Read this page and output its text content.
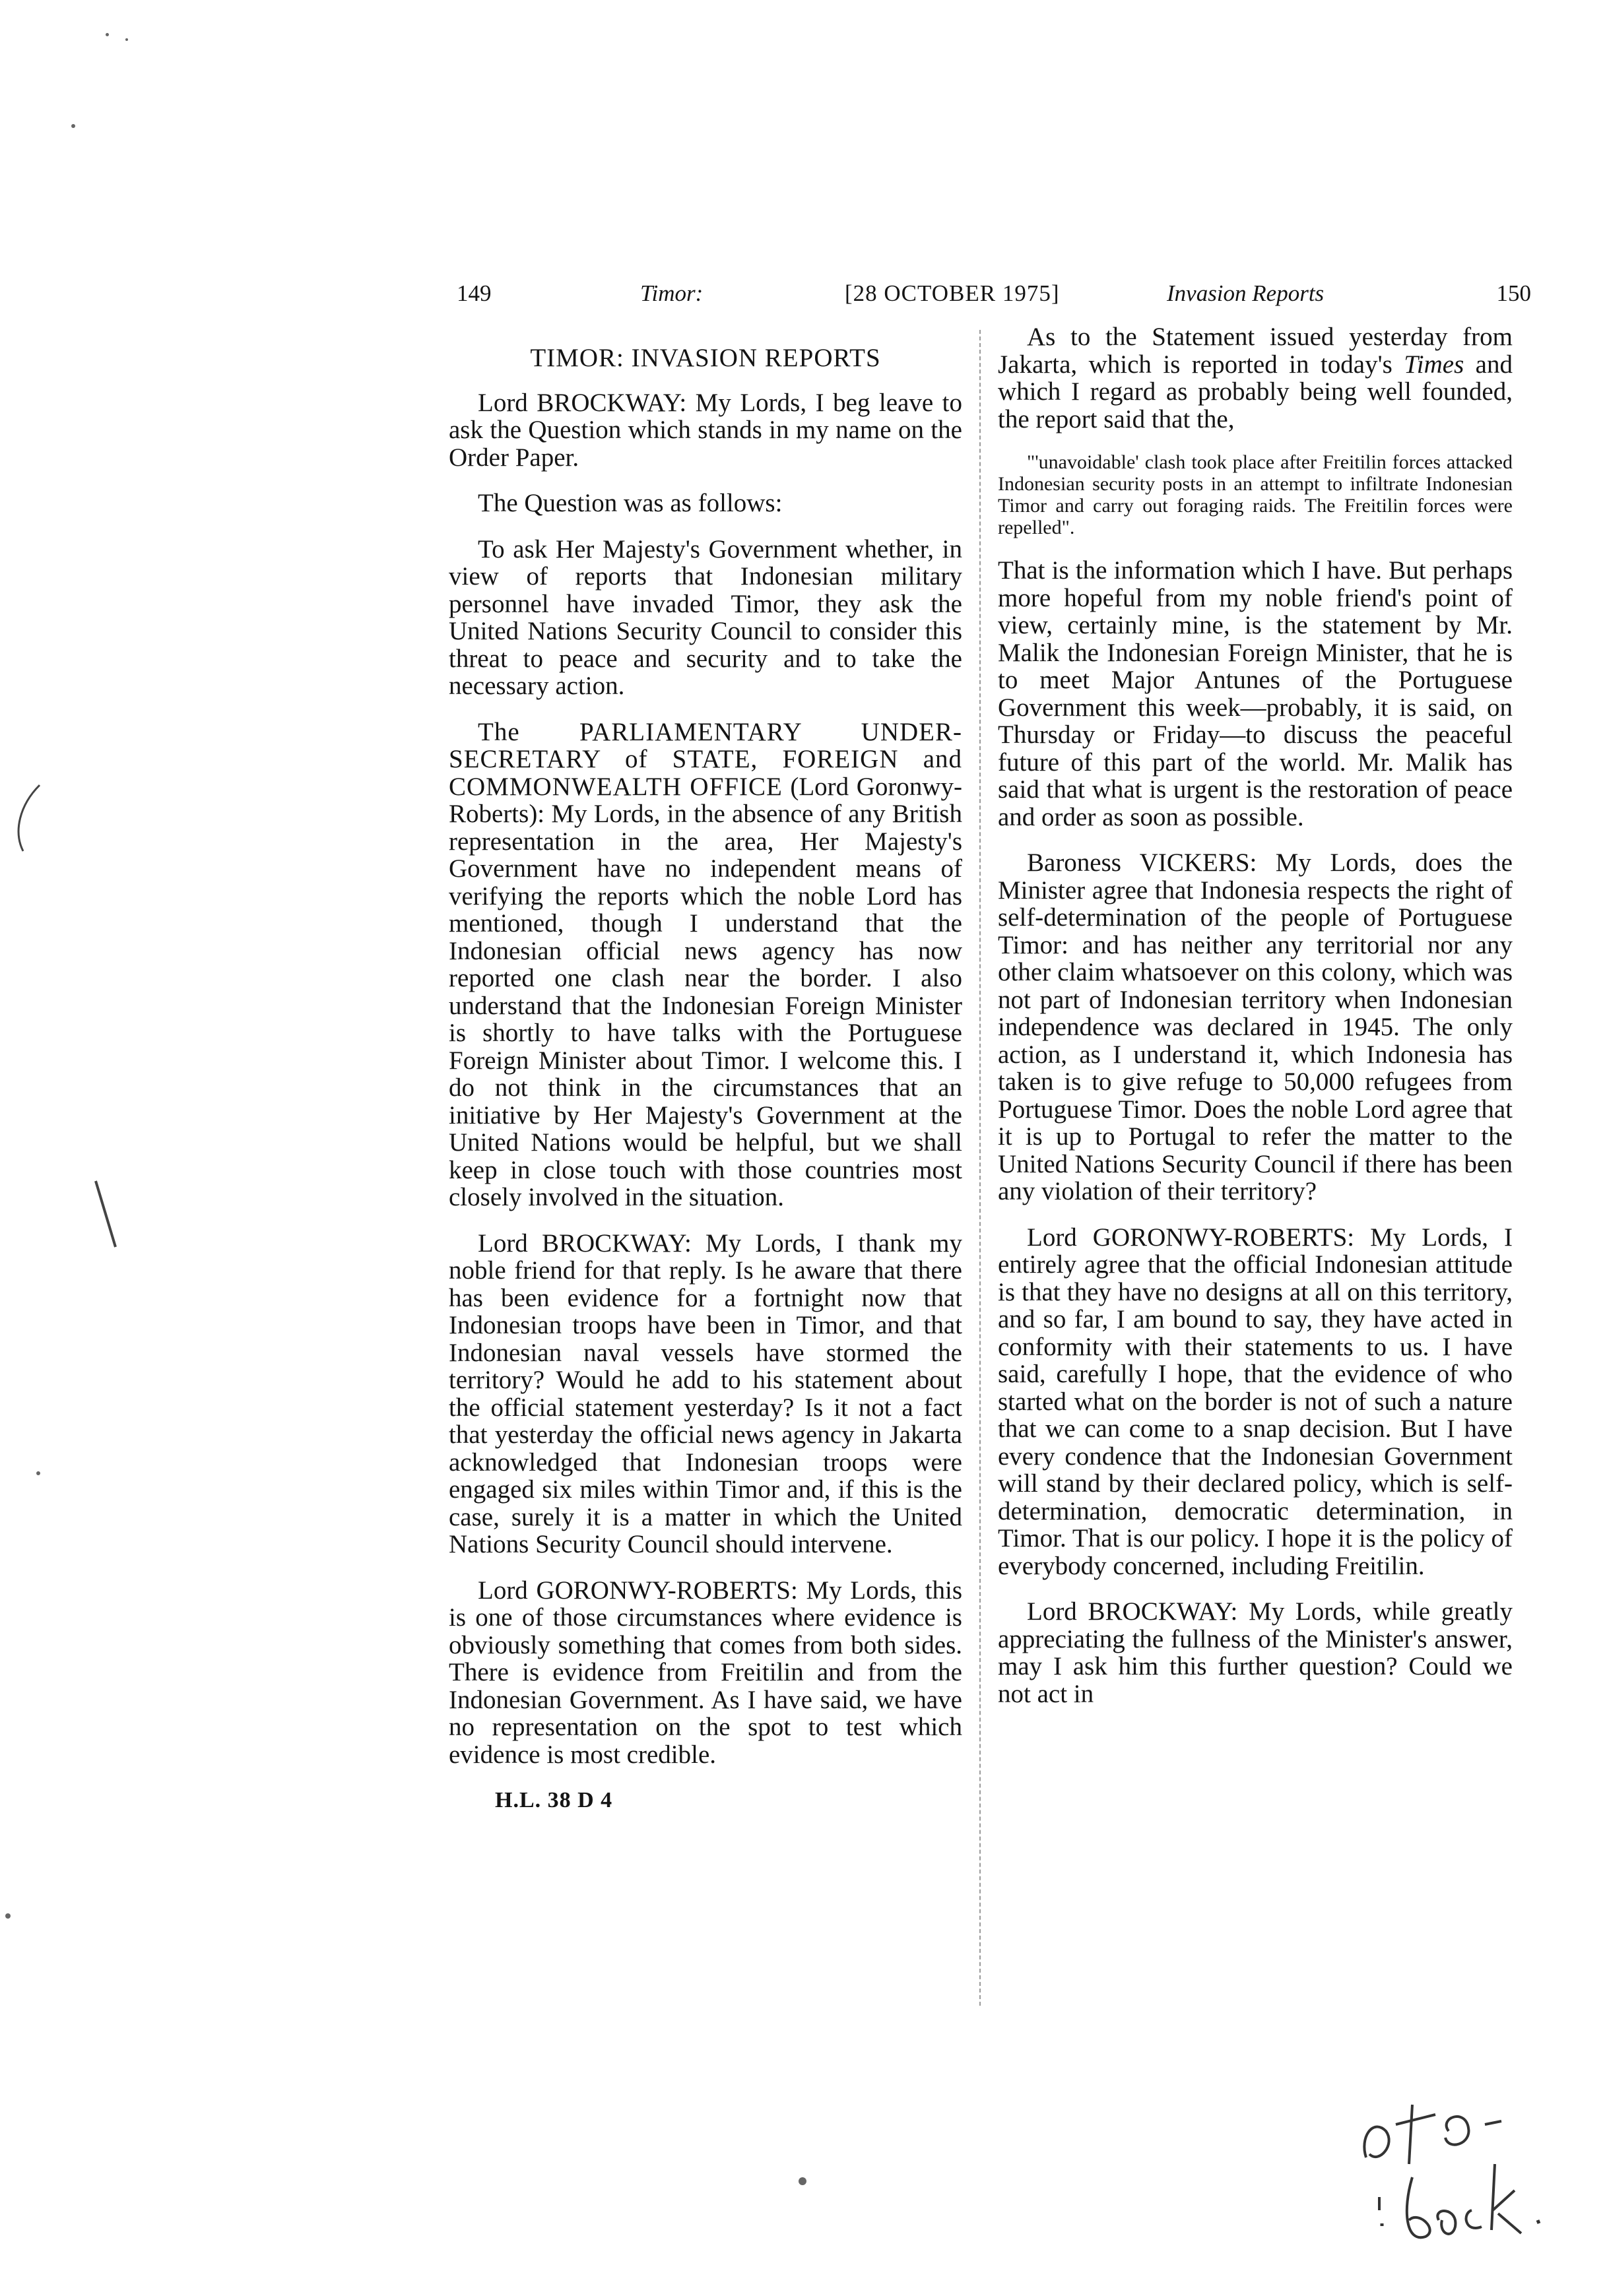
149	Timor:	[28 OCTOBER 1975]	Invasion Reports	150
TIMOR: INVASION REPORTS

Lord BROCKWAY: My Lords, I beg leave to ask the Question which stands in my name on the Order Paper.

The Question was as follows:

To ask Her Majesty's Government whether, in view of reports that Indonesian military personnel have invaded Timor, they ask the United Nations Security Council to consider this threat to peace and security and to take the necessary action.

The PARLIAMENTARY UNDER-SECRETARY of STATE, FOREIGN and COMMONWEALTH OFFICE (Lord Goronwy-Roberts): My Lords, in the absence of any British representation in the area, Her Majesty's Government have no independent means of verifying the reports which the noble Lord has mentioned, though I understand that the Indonesian official news agency has now reported one clash near the border. I also understand that the Indonesian Foreign Minister is shortly to have talks with the Portuguese Foreign Minister about Timor. I welcome this. I do not think in the circumstances that an initiative by Her Majesty's Government at the United Nations would be helpful, but we shall keep in close touch with those countries most closely involved in the situation.

Lord BROCKWAY: My Lords, I thank my noble friend for that reply. Is he aware that there has been evidence for a fortnight now that Indonesian troops have been in Timor, and that Indonesian naval vessels have stormed the territory? Would he add to his statement about the official statement yesterday? Is it not a fact that yesterday the official news agency in Jakarta acknowledged that Indonesian troops were engaged six miles within Timor and, if this is the case, surely it is a matter in which the United Nations Security Council should intervene.

Lord GORONWY-ROBERTS: My Lords, this is one of those circumstances where evidence is obviously something that comes from both sides. There is evidence from Freitilin and from the Indonesian Government. As I have said, we have no representation on the spot to test which evidence is most credible.

H.L. 38 D 4

As to the Statement issued yesterday from Jakarta, which is reported in today's Times and which I regard as probably being well founded, the report said that the,

"'unavoidable' clash took place after Freitilin forces attacked Indonesian security posts in an attempt to infiltrate Indonesian Timor and carry out foraging raids. The Freitilin forces were repelled".

That is the information which I have. But perhaps more hopeful from my noble friend's point of view, certainly mine, is the statement by Mr. Malik the Indonesian Foreign Minister, that he is to meet Major Antunes of the Portuguese Government this week—probably, it is said, on Thursday or Friday—to discuss the peaceful future of this part of the world. Mr. Malik has said that what is urgent is the restoration of peace and order as soon as possible.

Baroness VICKERS: My Lords, does the Minister agree that Indonesia respects the right of self-determination of the people of Portuguese Timor: and has neither any territorial nor any other claim whatsoever on this colony, which was not part of Indonesian territory when Indonesian independence was declared in 1945. The only action, as I understand it, which Indonesia has taken is to give refuge to 50,000 refugees from Portuguese Timor. Does the noble Lord agree that it is up to Portugal to refer the matter to the United Nations Security Council if there has been any violation of their territory?

Lord GORONWY-ROBERTS: My Lords, I entirely agree that the official Indonesian attitude is that they have no designs at all on this territory, and so far, I am bound to say, they have acted in conformity with their statements to us. I have said, carefully I hope, that the evidence of who started what on the border is not of such a nature that we can come to a snap decision. But I have every condence that the Indonesian Government will stand by their declared policy, which is self-determination, democratic determination, in Timor. That is our policy. I hope it is the policy of everybody concerned, including Freitilin.

Lord BROCKWAY: My Lords, while greatly appreciating the fullness of the Minister's answer, may I ask him this further question? Could we not act in
